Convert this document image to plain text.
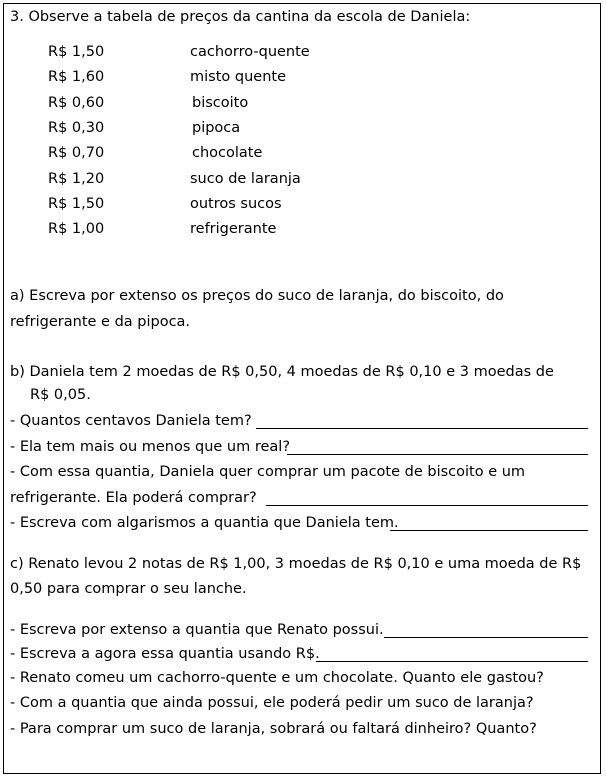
3. Observe a tabela de preços da cantina da escola de Daniela:
R$ 1,50	cachorro-quente
R$ 1,60	misto quente
R$ 0,60	biscoito
R$ 0,30	pipoca
R$ 0,70	chocolate
R$ 1,20	suco de laranja
R$ 1,50	outros sucos
R$ 1,00	refrigerante
a) Escreva por extenso os preços do suco de laranja, do biscoito, do
refrigerante e da pipoca.
b) Daniela tem 2 moedas de R$ 0,50, 4 moedas de R$ 0,10 e 3 moedas de
R$ 0,05.
- Quantos centavos Daniela tem?
- Ela tem mais ou menos que um real?
- Com essa quantia, Daniela quer comprar um pacote de biscoito e um
refrigerante. Ela poderá comprar?
- Escreva com algarismos a quantia que Daniela tem.
c) Renato levou 2 notas de R$ 1,00, 3 moedas de R$ 0,10 e uma moeda de R$
0,50 para comprar o seu lanche.
- Escreva por extenso a quantia que Renato possui.
- Escreva a agora essa quantia usando R$.
- Renato comeu um cachorro-quente e um chocolate. Quanto ele gastou?
- Com a quantia que ainda possui, ele poderá pedir um suco de laranja?
- Para comprar um suco de laranja, sobrará ou faltará dinheiro? Quanto?
